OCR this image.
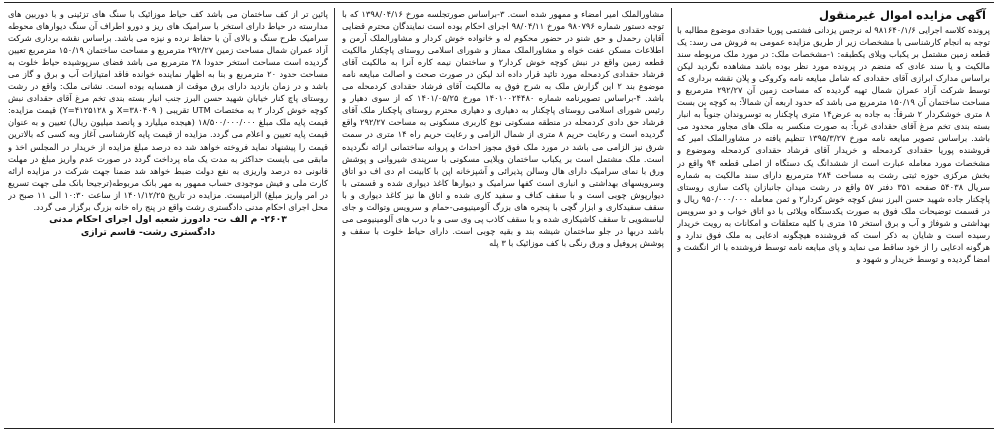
آگهی مزایده اموال غیرمنقول
پرونده کلاسه اجرایی ۹۸۱۶۴۰/۱/۶ له نرجس یزدانی فشتمی پوریا حقدادی موضوع مطالبه با توجه به انجام کارشناسی با مشخصات زیر از طریق مزایده عمومی به فروش می رسد: یک قطعه زمین مشتمل بر یکباب ویلای یکطبقه: ۱-مشخصات ملک: در مورد ملک مربوطه سند مالکیت و یا سند عادی که منضم در پرونده مورد نظر بوده باشد مشاهده نگردید لیکن براساس مدارک ابرازی آقای حقدادی که شامل مبایعه نامه وکروکی و پلان نقشه برداری که توسط شرکت آزاد عمران شمال تهیه گردیده که مساحت زمین آن ۲۹۲/۲۷ مترمربع و مساحت ساختمان آن ۱۵۰/۱۹ مترمربع می باشد که حدود اربعه آن شمالاً: به کوچه بن بست ۸ متری خوشکردار ۲ شرقاً: به جاده به عرض۱۴ متری پاچکنار به توسروندان جنوباً به انبار بسته بندی تخم مرغ آقای حقدادی غرباً: به صورت منکسر به ملک های مجاور محدود می باشد. براساس تصویر مبایعه نامه مورخ ۱۳۹۵/۳/۲۷ تنظیم یافته در مشاورالملک امیر که فروشنده پوریا حقدادی کردمحله و خریدار آقای فرشاد حقدادی کردمحله وموضوع و مشخصات مورد معامله عبارت است از ششدانگ یک دستگاه از اصلی قطعه ۹۴ واقع در بخش مرکزی حوزه ثبتی رشت به مساحت ۲۸۴ مترمربع دارای سند مالکیت به شماره سریال ۵۴۰۳۸ صفحه ۳۵۱ دفتر ۵۷ واقع در رشت میدان جانبازان پاکت سازی روستای پاچکنار جاده شهید حسن البرز نبش کوچه خوش کردار۲ و ثمن معامله ۹۵۰/۰۰۰/۰۰۰ ریال و در قسمت توضیحات ملک فوق به صورت یکدستگاه ویلائی با دو اتاق خواب و دو سرویس بهداشتی و شوفاژ و آب و برق استخر ۱۵ متری با کلیه متعلقات و امکانات به رویت خریدار رسیده است و شایان به ذکر است که فروشنده هیچگونه ادعایی به ملک فوق ندارد و هرگونه ادعایی را از خود ساقط می نماید و پای مبایعه نامه توسط فروشنده با اثر انگشت و امضا گردیده و توسط خریدار و شهود و
مشاورالملک امیر امضاء و ممهور شده است. ۳-براساس صورتجلسه مورخ ۱۳۹۸/۰۴/۱۶ که با توجه دستور شماره ۹۸۰۷۹۶ مورخ ۹۸/۰۴/۱۱ اجرای احکام بوده است نمایندگان محترم قضایی آقایان رحمدل و حق شنو در حضور محکوم له و خانواده خوش کردار و مشاورالملک آرمن و اطلاعات مسکن عفت خواه و مشاورالملک ممتاز و شورای اسلامی روستای پاچکنار مالکیت قطعه زمین واقع در نبش کوچه خوش کردار۲ و ساختمان نیمه کاره آنرا به مالکیت آقای فرشاد حقدادی کردمحله مورد تائید قرار داده اند لیکن در صورت صحت و اصالت مبایعه نامه موضوع بند ۲ این گزارش ملک به شرح فوق به مالکیت آقای فرشاد حقدادی کردمحله می باشد. ۴-براساس تصویرنامه شماره ۱۴۰۱۰۰۲۴۴۸۰ مورخ ۱۴۰۱/۰۵/۲۵ که از سوی دهیار و رئیس شورای اسلامی روستای پاچکنار به دهیاری و دهیاری محترم روستای پاچکنار ملک آقای فرشاد حق دادی کردمحله در منطقه مسکونی نوع کاربری مسکونی به مساحت ۲۹۲/۲۷ واقع گردیده است و رعایت حریم ۸ متری از شمال الزامی و رعایت حریم راه ۱۴ متری در سمت شرق نیز الزامی می باشد در مورد ملک فوق مجوز احداث و پروانه ساختمانی ارائه نگردیده است. ملک مشتمل است بر یکباب ساختمان ویلایی مسکونی با سرپندی شیروانی و پوشش ورق با نمای سرامیک دارای هال وسالن پذیرائی و آشپزخانه اپن با کابینت ام دی اف دو اتاق وسرویسهای بهداشتی و انباری است کفها سرامیک و دیوارها کاغذ دیواری شده و قسمتی با دیوارپوش چوبی است و با سقف کناف و سفید کاری شده و اتاق ها نیز کاغذ دیواری و با سقف سفیدکاری و ابزار گچی با پنجره های بزرگ آلومینیومی-حمام و سرویس وتوالت و جای لباسشویی تا سقف کاشیکاری شده و با سقف کاذب پی وی سی و با درب های آلومینیومی می باشد دربها در جلو ساختمان شیشه بند و بقیه چوبی است. دارای حیاط خلوت با سقف و پوشش پروفیل و ورق رنگی با کف موزائیک با ۳ پله
پائین تر از کف ساختمان می باشد کف حیاط موزائیک با سنگ های تزئینی و با دوربین های مدارسته در حیاط دارای استخر با سرامیک های ریز و دورو اطراف آن سنگ دیوارهای محوطه سرامیک طرح سنگ و بالای آن با حفاظ نرده و نیزه می باشد. براساس نقشه برداری شرکت آزاد عمران شمال مساحت زمین ۲۹۲/۲۷ مترمربع و مساحت ساختمان ۱۵۰/۱۹ مترمربع تعیین گردیده است مساحت استخر حدودا ۲۸ مترمربع می باشد فضای سرپوشیده حیاط خلوت به مساحت حدود ۲۰ مترمربع و بنا به اظهار نماینده خوانده فاقد امتیازات آب و برق و گاز می باشد و در زمان بازدید دارای برق موقت از همسایه بوده است. نشانی ملک: واقع در رشت روستای پاچ کنار خیابان شهید حسن البرز جنب انبار بسته بندی تخم مرغ آقای حقدادی نبش کوچه خوش کردار ۲ به مختصات UTM تقریبی ( X=۳۸۰۴۰۹ و ۴۱۲۵۱۲۸=Y) قیمت مزایده: قیمت پایه ملک مبلغ ۱۸/۵۰۰/۰۰۰/۰۰۰ (هیجده میلیارد و پانصد میلیون ریال) تعیین و به عنوان قیمت پایه تعیین و اعلام می گردد. مزایده از قیمت پایه کارشناسی آغاز وبه کسی که بالاترین قیمت را پیشنهاد نماید فروخته خواهد شد ده درصد مبلغ مزایده از خریدار در المجلس اخذ و مابقی می بایست حداکثر به مدت یک ماه پرداخت گردد در صورت عدم واریز مبلغ در مهلت قانونی ده درصد واریزی به نفع دولت ضبط خواهد شد ضمنا جهت شرکت در مزایده ارائه کارت ملی و فیش موجودی حساب ممهور به مهر بانک مربوطه(ترجیحا بانک ملی جهت تسریع در امر واریز مبلغ) الزامیست. مزایده در تاریخ ۱۴۰۱/۱۲/۲۵ از ساعت ۱۰:۳۰ الی ۱۱ صبح در محل اجرای احکام مدنی دادگستری رشت واقع در پنج راه خانه بزرگ برگزار می گردد.
۲۶۰۳- م الف ت- دادورز شعبه اول اجرای احکام مدنی
دادگستری رشت- قاسم ترازی
